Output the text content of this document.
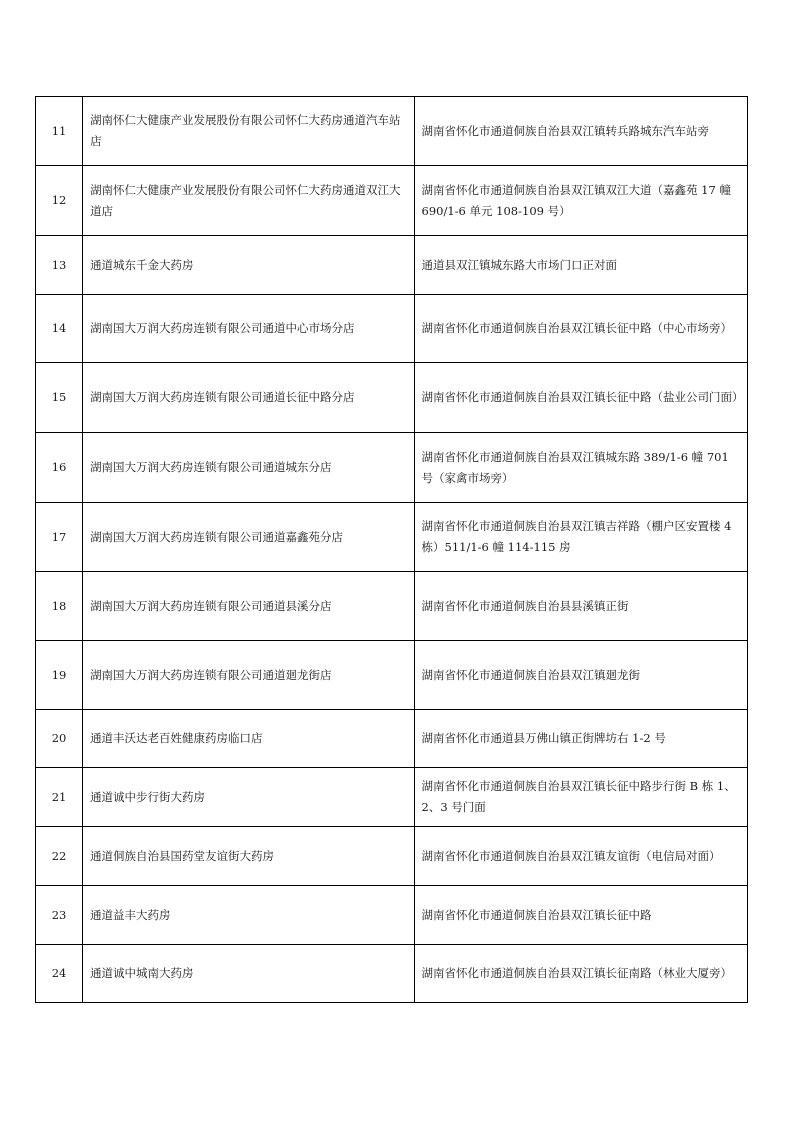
11	湖南怀仁大健康产业发展股份有限公司怀仁大药房通道汽车站店	湖南省怀化市通道侗族自治县双江镇转兵路城东汽车站旁
12	湖南怀仁大健康产业发展股份有限公司怀仁大药房通道双江大道店	湖南省怀化市通道侗族自治县双江镇双江大道（嘉鑫苑 17 幢 690/1-6 单元 108-109 号）
13	通道城东千金大药房	通道县双江镇城东路大市场门口正对面
14	湖南国大万润大药房连锁有限公司通道中心市场分店	湖南省怀化市通道侗族自治县双江镇长征中路（中心市场旁）
15	湖南国大万润大药房连锁有限公司通道长征中路分店	湖南省怀化市通道侗族自治县双江镇长征中路（盐业公司门面）
16	湖南国大万润大药房连锁有限公司通道城东分店	湖南省怀化市通道侗族自治县双江镇城东路 389/1-6 幢 701 号（家禽市场旁）
17	湖南国大万润大药房连锁有限公司通道嘉鑫苑分店	湖南省怀化市通道侗族自治县双江镇吉祥路（棚户区安置楼 4 栋）511/1-6 幢 114-115 房
18	湖南国大万润大药房连锁有限公司通道县溪分店	湖南省怀化市通道侗族自治县县溪镇正街
19	湖南国大万润大药房连锁有限公司通道廻龙街店	湖南省怀化市通道侗族自治县双江镇廻龙街
20	通道丰沃达老百姓健康药房临口店	湖南省怀化市通道县万佛山镇正街牌坊右 1-2 号
21	通道诚中步行街大药房	湖南省怀化市通道侗族自治县双江镇长征中路步行街 B 栋 1、2、3 号门面
22	通道侗族自治县国药堂友谊街大药房	湖南省怀化市通道侗族自治县双江镇友谊街（电信局对面）
23	通道益丰大药房	湖南省怀化市通道侗族自治县双江镇长征中路
24	通道诚中城南大药房	湖南省怀化市通道侗族自治县双江镇长征南路（林业大厦旁）
